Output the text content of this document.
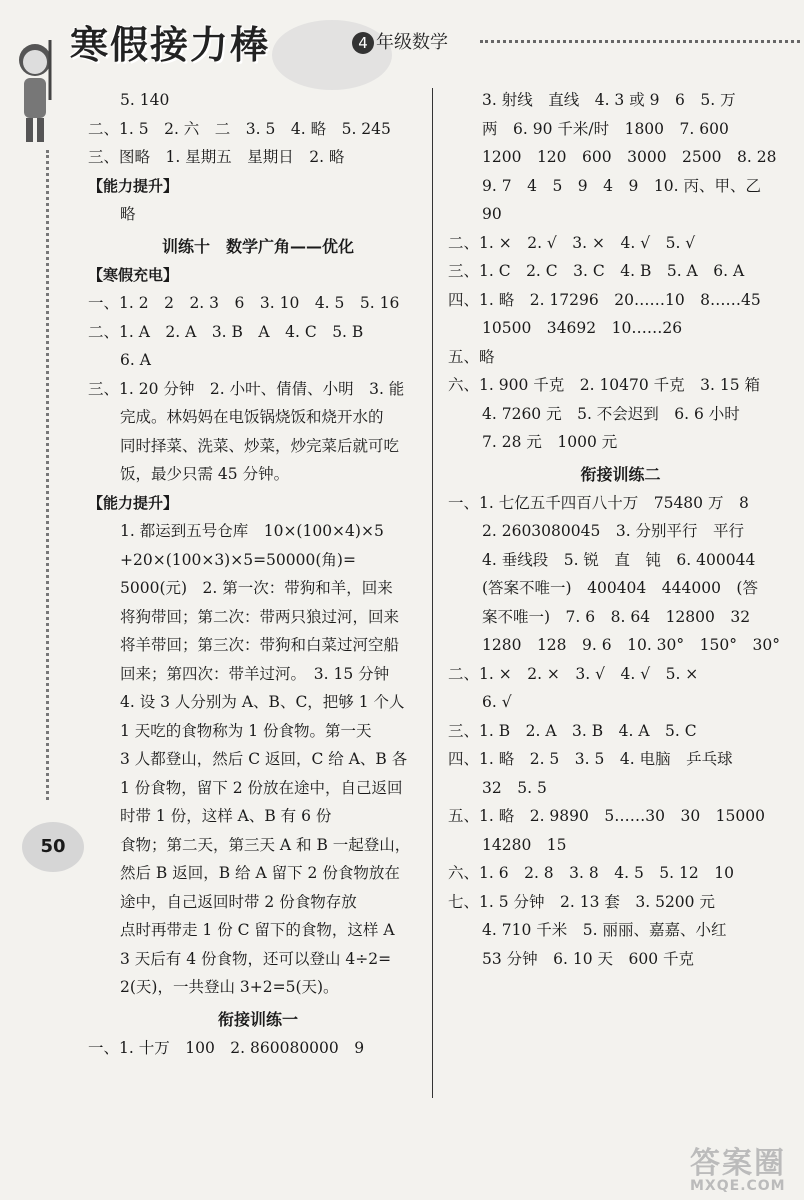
寒假接力棒	4 年级数学
50
5. 140
二、1. 5　2. 六　二　3. 5　4. 略　5. 245
三、图略　1. 星期五　星期日　2. 略
【能力提升】
略
训练十　数学广角——优化
【寒假充电】
一、1. 2　2　2. 3　6　3. 10　4. 5　5. 16
二、1. A　2. A　3. B　A　4. C　5. B
6. A
三、1. 20 分钟　2. 小叶、倩倩、小明　3. 能
完成。林妈妈在电饭锅烧饭和烧开水的
同时择菜、洗菜、炒菜，炒完菜后就可吃
饭，最少只需 45 分钟。
【能力提升】
1. 都运到五号仓库　10×(100×4)×5
+20×(100×3)×5=50000(角)=
5000(元)　2. 第一次：带狗和羊，回来
将狗带回；第二次：带两只狼过河，回来
将羊带回；第三次：带狗和白菜过河空船
回来；第四次：带羊过河。　3. 15 分钟
4. 设 3 人分别为 A、B、C，把够 1 个人
1 天吃的食物称为 1 份食物。第一天
3 人都登山，然后 C 返回，C 给 A、B 各
1 份食物，留下 2 份放在途中，自己返回
时带 1 份，这样 A、B 有 6 份
食物；第二天，第三天 A 和 B 一起登山，
然后 B 返回，B 给 A 留下 2 份食物放在
途中，自己返回时带 2 份食物存放
点时再带走 1 份 C 留下的食物，这样 A
3 天后有 4 份食物，还可以登山 4÷2=
2(天)，一共登山 3+2=5(天)。
衔接训练一
一、1. 十万　100　2. 860080000　9
3. 射线　直线　4. 3 或 9　6　5. 万
两　6. 90 千米/时　1800　7. 600
1200　120　600　3000　2500　8. 28
9. 7　4　5　9　4　9　10. 丙、甲、乙
90
二、1. ×　2. √　3. ×　4. √　5. √
三、1. C　2. C　3. C　4. B　5. A　6. A
四、1. 略　2. 17296　20……10　8……45
10500　34692　10……26
五、略
六、1. 900 千克　2. 10470 千克　3. 15 箱
4. 7260 元　5. 不会迟到　6. 6 小时
7. 28 元　1000 元
衔接训练二
一、1. 七亿五千四百八十万　75480 万　8
2. 2603080045　3. 分别平行　平行
4. 垂线段　5. 锐　直　钝　6. 400044
(答案不唯一)　400404　444000　(答
案不唯一)　7. 6　8. 64　12800　32
1280　128　9. 6　10. 30°　150°　30°
二、1. ×　2. ×　3. √　4. √　5. ×
6. √
三、1. B　2. A　3. B　4. A　5. C
四、1. 略　2. 5　3. 5　4. 电脑　乒乓球
32　5. 5
五、1. 略　2. 9890　5……30　30　15000
14280　15
六、1. 6　2. 8　3. 8　4. 5　5. 12　10
七、1. 5 分钟　2. 13 套　3. 5200 元
4. 710 千米　5. 丽丽、嘉嘉、小红
53 分钟　6. 10 天　600 千克
答案圈
MXQE.COM
